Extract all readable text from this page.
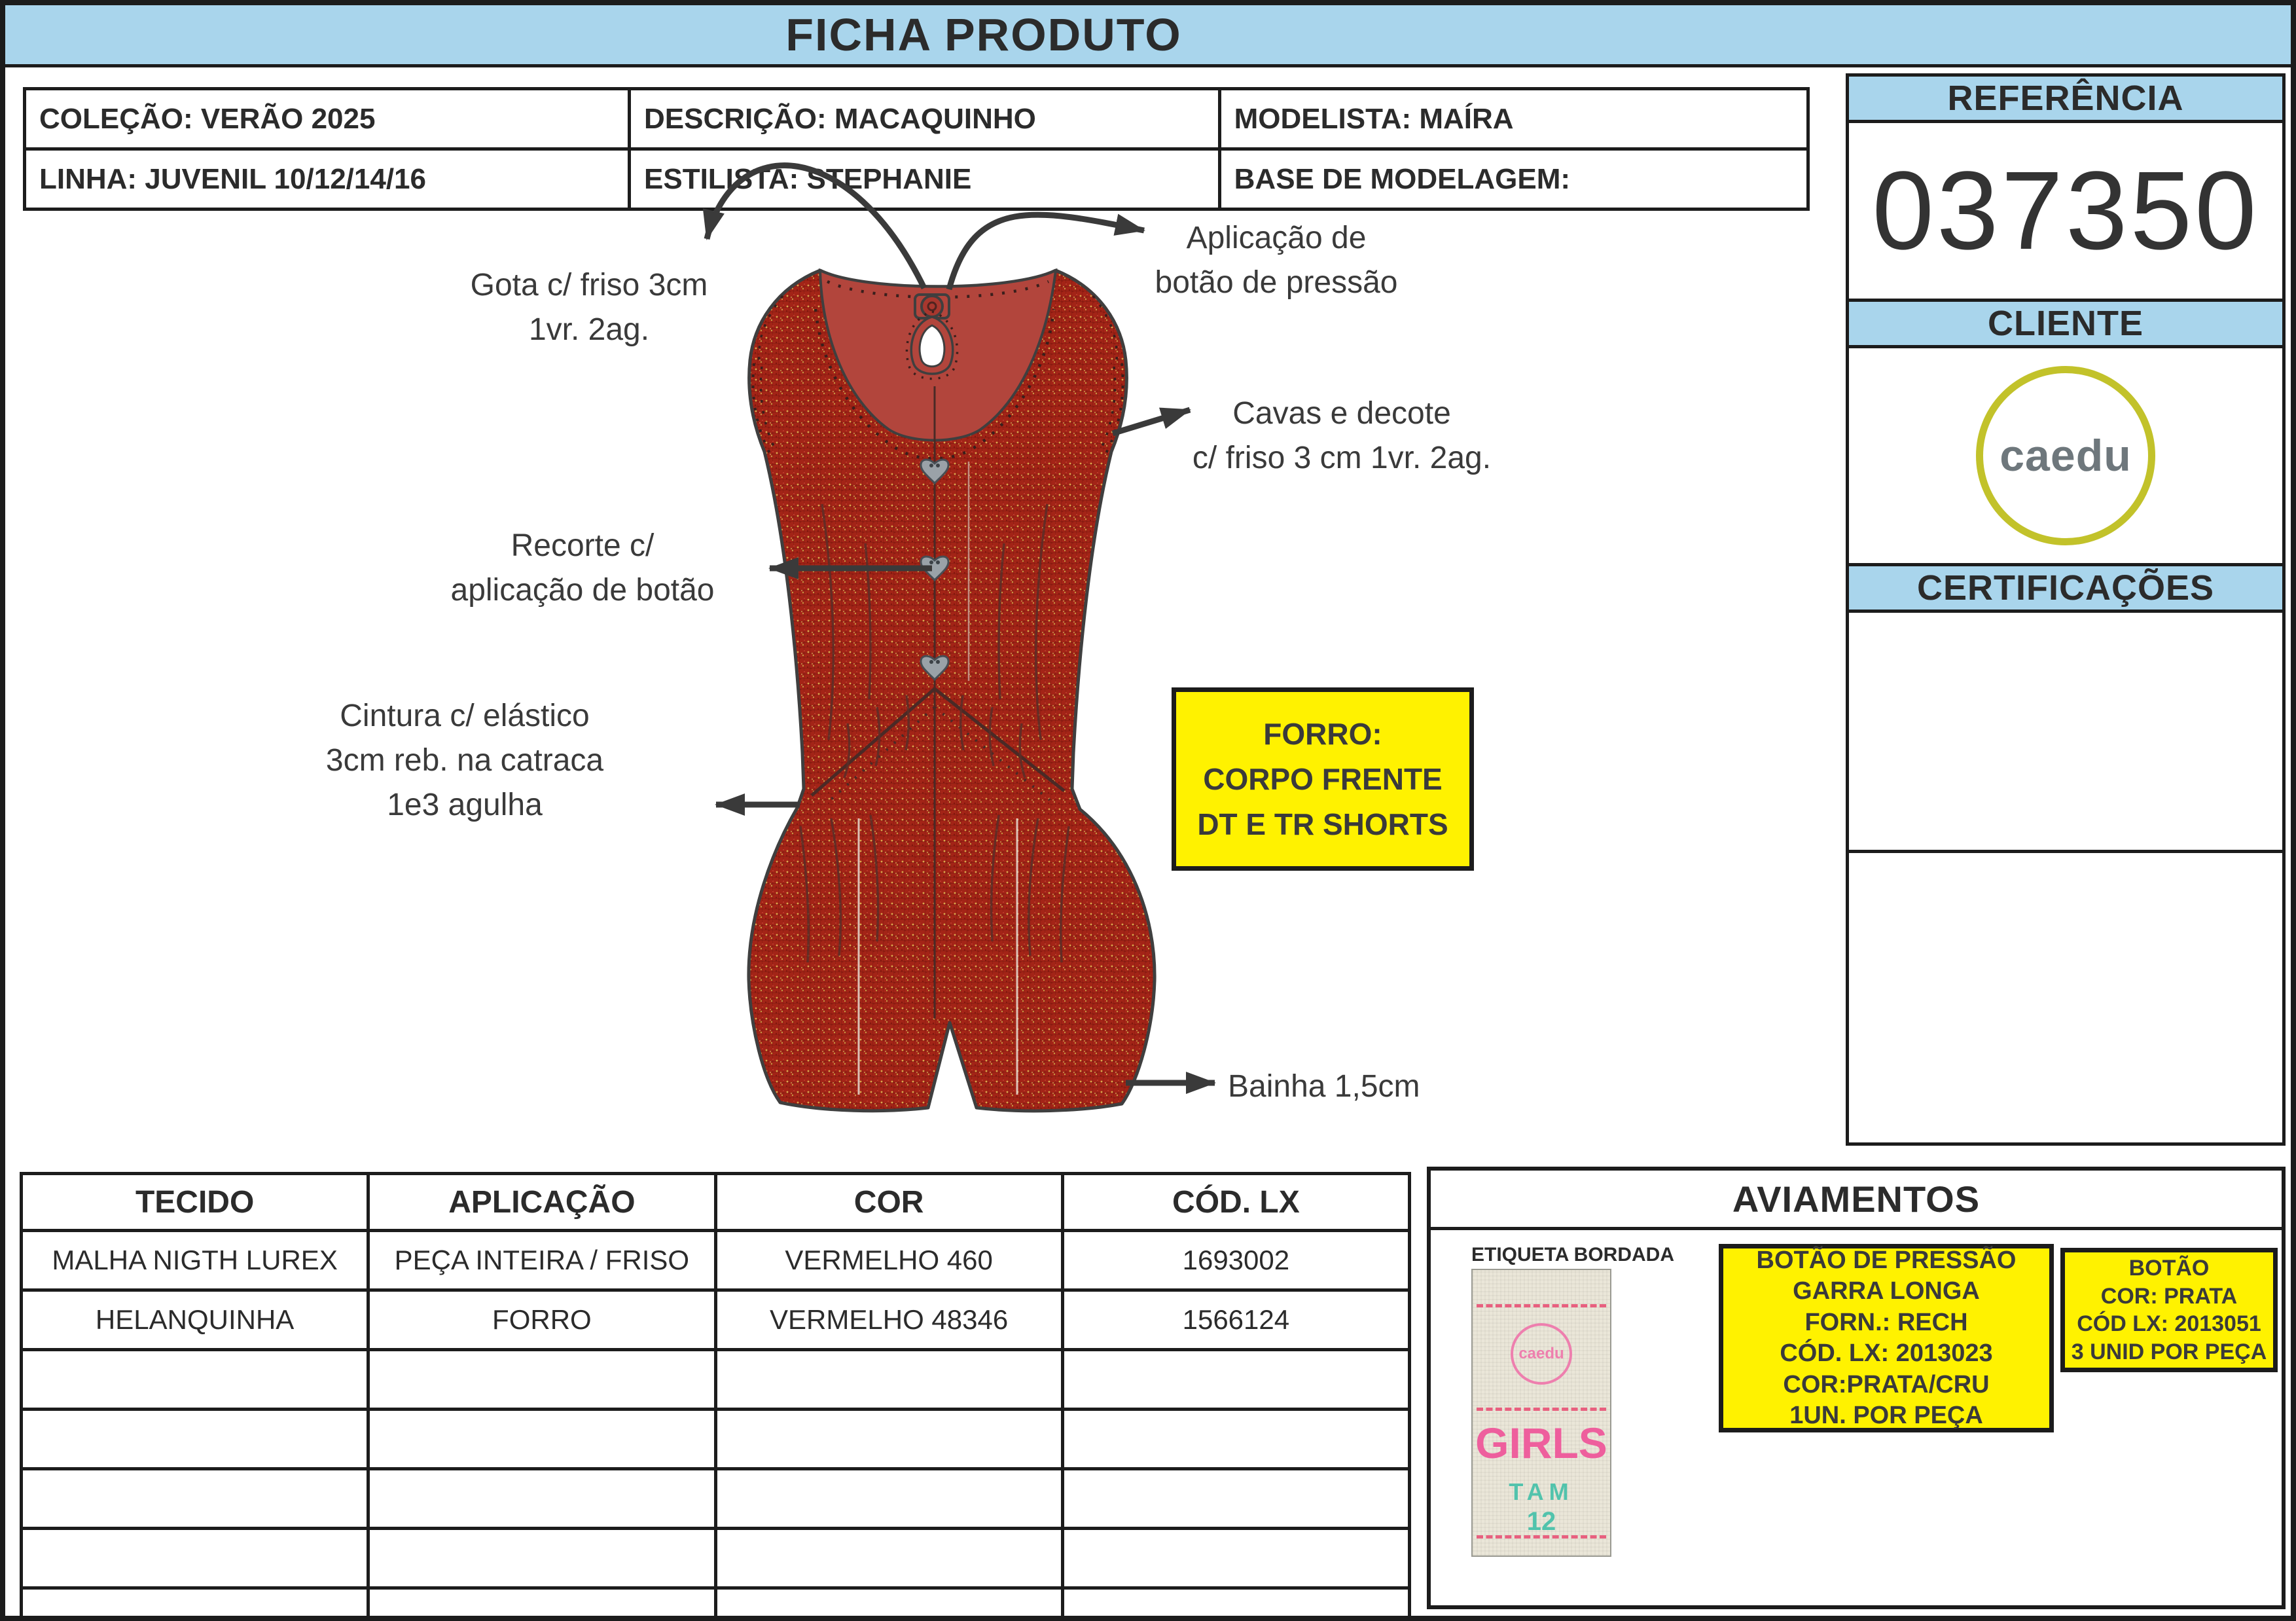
FICHA PRODUTO
COLEÇÃO: VERÃO 2025	DESCRIÇÃO: MACAQUINHO	MODELISTA: MAÍRA
LINHA: JUVENIL 10/12/14/16	ESTILISTA: STEPHANIE	BASE DE MODELAGEM:
REFERÊNCIA
037350
CLIENTE
caedu
CERTIFICAÇÕES
Gota c/ friso 3cm
1vr. 2ag.
Aplicação de
botão de pressão
Cavas e decote
c/ friso 3 cm 1vr. 2ag.
Recorte c/
aplicação de botão
Cintura c/ elástico
3cm reb. na catraca
1e3 agulha
Bainha 1,5cm
FORRO:
CORPO FRENTE
DT E TR SHORTS
TECIDO	APLICAÇÃO	COR	CÓD. LX
MALHA NIGTH LUREX	PEÇA INTEIRA / FRISO	VERMELHO 460	1693002
HELANQUINHA	FORRO	VERMELHO 48346	1566124

AVIAMENTOS
ETIQUETA BORDADA
caedu
GIRLS
TAM
12
BOTÃO DE PRESSÃO
GARRA LONGA
FORN.: RECH
CÓD. LX: 2013023
COR:PRATA/CRU
1UN. POR PEÇA
BOTÃO
COR: PRATA
CÓD LX: 2013051
3 UNID POR PEÇA
